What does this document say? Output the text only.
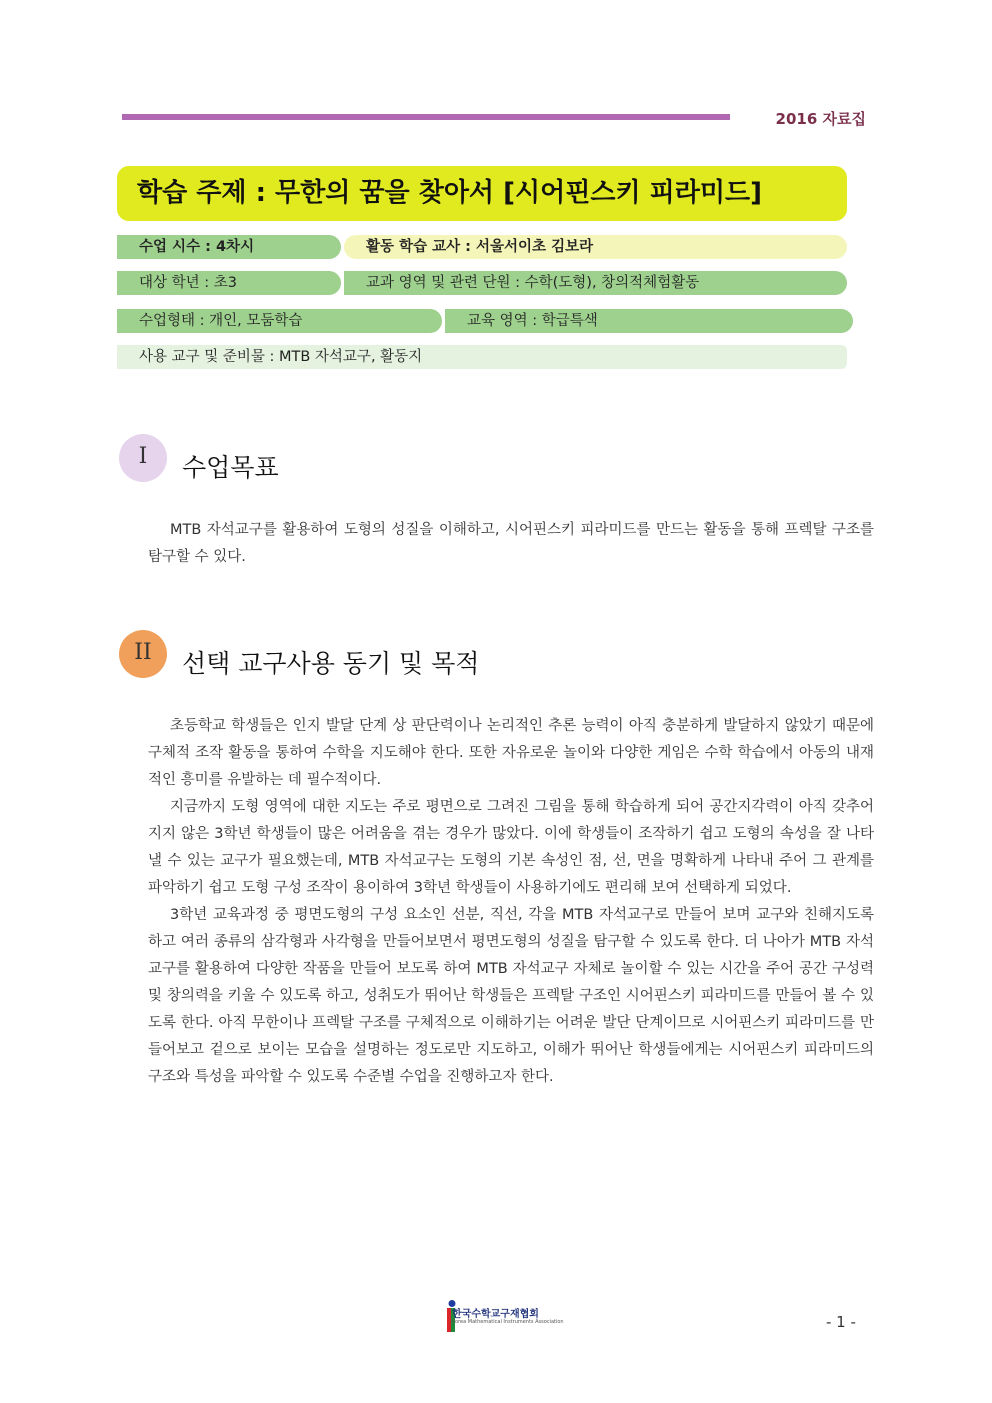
2016 자료집
학습 주제 : 무한의 꿈을 찾아서 [시어핀스키 피라미드]
수업 시수 : 4차시	활동 학습 교사 : 서울서이초 김보라
대상 학년 : 초3	교과 영역 및 관련 단원 : 수학(도형), 창의적체험활동
수업형태 : 개인, 모둠학습	교육 영역 : 학급특색
사용 교구 및 준비물 : MTB 자석교구, 활동지
I	수업목표

MTB 자석교구를 활용하여 도형의 성질을 이해하고, 시어핀스키 피라미드를 만드는 활동을 통해 프렉탈 구조를 탐구할 수 있다.

II	선택 교구사용 동기 및 목적

초등학교 학생들은 인지 발달 단계 상 판단력이나 논리적인 추론 능력이 아직 충분하게 발달하지 않았기 때문에 구체적 조작 활동을 통하여 수학을 지도해야 한다. 또한 자유로운 놀이와 다양한 게임은 수학 학습에서 아동의 내재적인 흥미를 유발하는 데 필수적이다.

지금까지 도형 영역에 대한 지도는 주로 평면으로 그려진 그림을 통해 학습하게 되어 공간지각력이 아직 갖추어지지 않은 3학년 학생들이 많은 어려움을 겪는 경우가 많았다. 이에 학생들이 조작하기 쉽고 도형의 속성을 잘 나타낼 수 있는 교구가 필요했는데, MTB 자석교구는 도형의 기본 속성인 점, 선, 면을 명확하게 나타내 주어 그 관계를 파악하기 쉽고 도형 구성 조작이 용이하여 3학년 학생들이 사용하기에도 편리해 보여 선택하게 되었다.

3학년 교육과정 중 평면도형의 구성 요소인 선분, 직선, 각을 MTB 자석교구로 만들어 보며 교구와 친해지도록 하고 여러 종류의 삼각형과 사각형을 만들어보면서 평면도형의 성질을 탐구할 수 있도록 한다. 더 나아가 MTB 자석교구를 활용하여 다양한 작품을 만들어 보도록 하여 MTB 자석교구 자체로 놀이할 수 있는 시간을 주어 공간 구성력 및 창의력을 키울 수 있도록 하고, 성취도가 뛰어난 학생들은 프렉탈 구조인 시어핀스키 피라미드를 만들어 볼 수 있도록 한다. 아직 무한이나 프렉탈 구조를 구체적으로 이해하기는 어려운 발단 단계이므로 시어핀스키 피라미드를 만들어보고 겉으로 보이는 모습을 설명하는 정도로만 지도하고, 이해가 뛰어난 학생들에게는 시어핀스키 피라미드의 구조와 특성을 파악할 수 있도록 수준별 수업을 진행하고자 한다.

한국수학교구재협회
Korea Mathematical Instruments Association	- 1 -
